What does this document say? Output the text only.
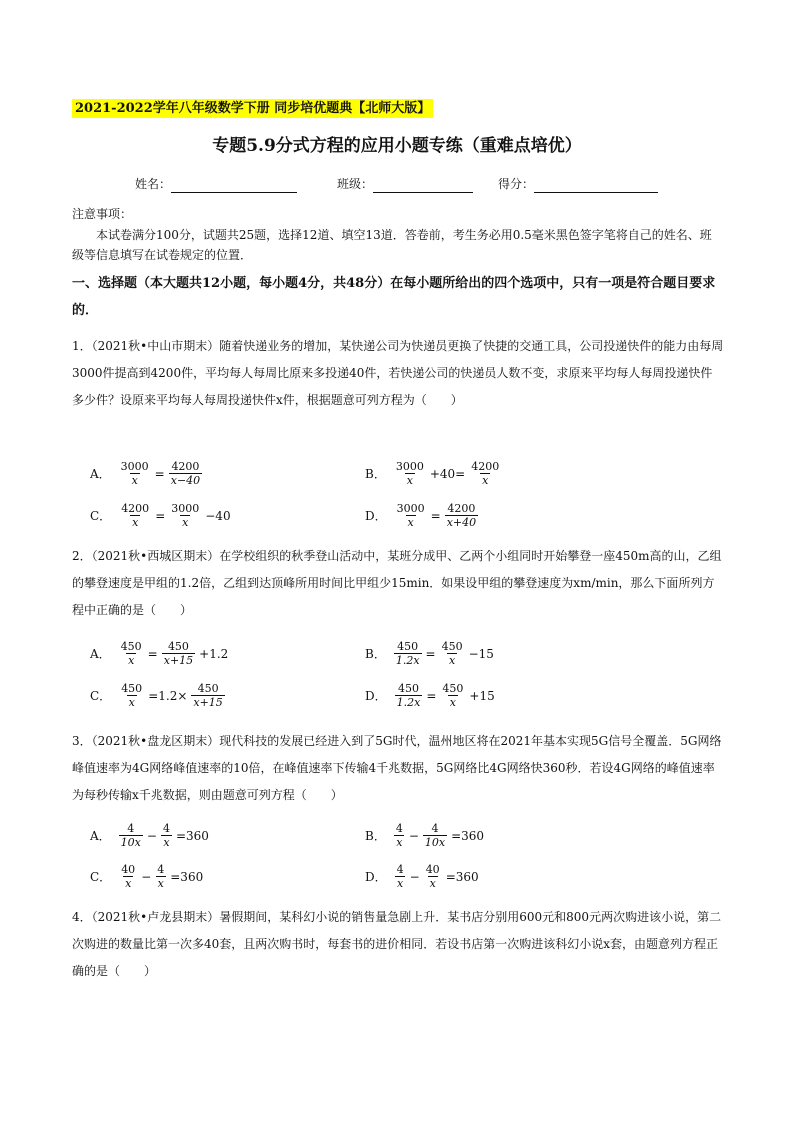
2021-2022学年八年级数学下册 同步培优题典【北师大版】
专题5.9分式方程的应用小题专练（重难点培优）
姓名：	班级：	得分：
注意事项：
本试卷满分100分，试题共25题，选择12道、填空13道．答卷前，考生务必用0.5毫米黑色签字笔将自己的姓名、班级等信息填写在试卷规定的位置．
一、选择题（本大题共12小题，每小题4分，共48分）在每小题所给出的四个选项中，只有一项是符合题目要求的．
1．（2021秋•中山市期末）随着快递业务的增加，某快递公司为快递员更换了快捷的交通工具，公司投递快件的能力由每周3000件提高到4200件，平均每人每周比原来多投递40件，若快递公司的快递员人数不变，求原来平均每人每周投递快件多少件？设原来平均每人每周投递快件x件，根据题意可列方程为（　　）
A． $\frac{3000}{x} = \frac{4200}{x-40}$	B． $\frac{3000}{x} +40= \frac{4200}{x}$
C． $\frac{4200}{x} = \frac{3000}{x} -40$	D． $\frac{3000}{x} = \frac{4200}{x+40}$
2．（2021秋•西城区期末）在学校组织的秋季登山活动中，某班分成甲、乙两个小组同时开始攀登一座450m高的山，乙组的攀登速度是甲组的1.2倍，乙组到达顶峰所用时间比甲组少15min．如果设甲组的攀登速度为xm/min，那么下面所列方程中正确的是（　　）
A． $\frac{450}{x} = \frac{450}{x+15} +1.2$	B． $\frac{450}{1.2x} = \frac{450}{x} -15$
C． $\frac{450}{x} =1.2\times \frac{450}{x+15}$	D． $\frac{450}{1.2x} = \frac{450}{x} +15$
3．（2021秋•盘龙区期末）现代科技的发展已经进入到了5G时代，温州地区将在2021年基本实现5G信号全覆盖．5G网络峰值速率为4G网络峰值速率的10倍，在峰值速率下传输4千兆数据，5G网络比4G网络快360秒．若设4G网络的峰值速率为每秒传输x千兆数据，则由题意可列方程（　　）
A． $\frac{4}{10x} - \frac{4}{x} =360$	B． $\frac{4}{x} - \frac{4}{10x} =360$
C． $\frac{40}{x} - \frac{4}{x} =360$	D． $\frac{4}{x} - \frac{40}{x} =360$
4．（2021秋•卢龙县期末）暑假期间，某科幻小说的销售量急剧上升．某书店分别用600元和800元两次购进该小说，第二次购进的数量比第一次多40套，且两次购书时，每套书的进价相同．若设书店第一次购进该科幻小说x套，由题意列方程正确的是（　　）
